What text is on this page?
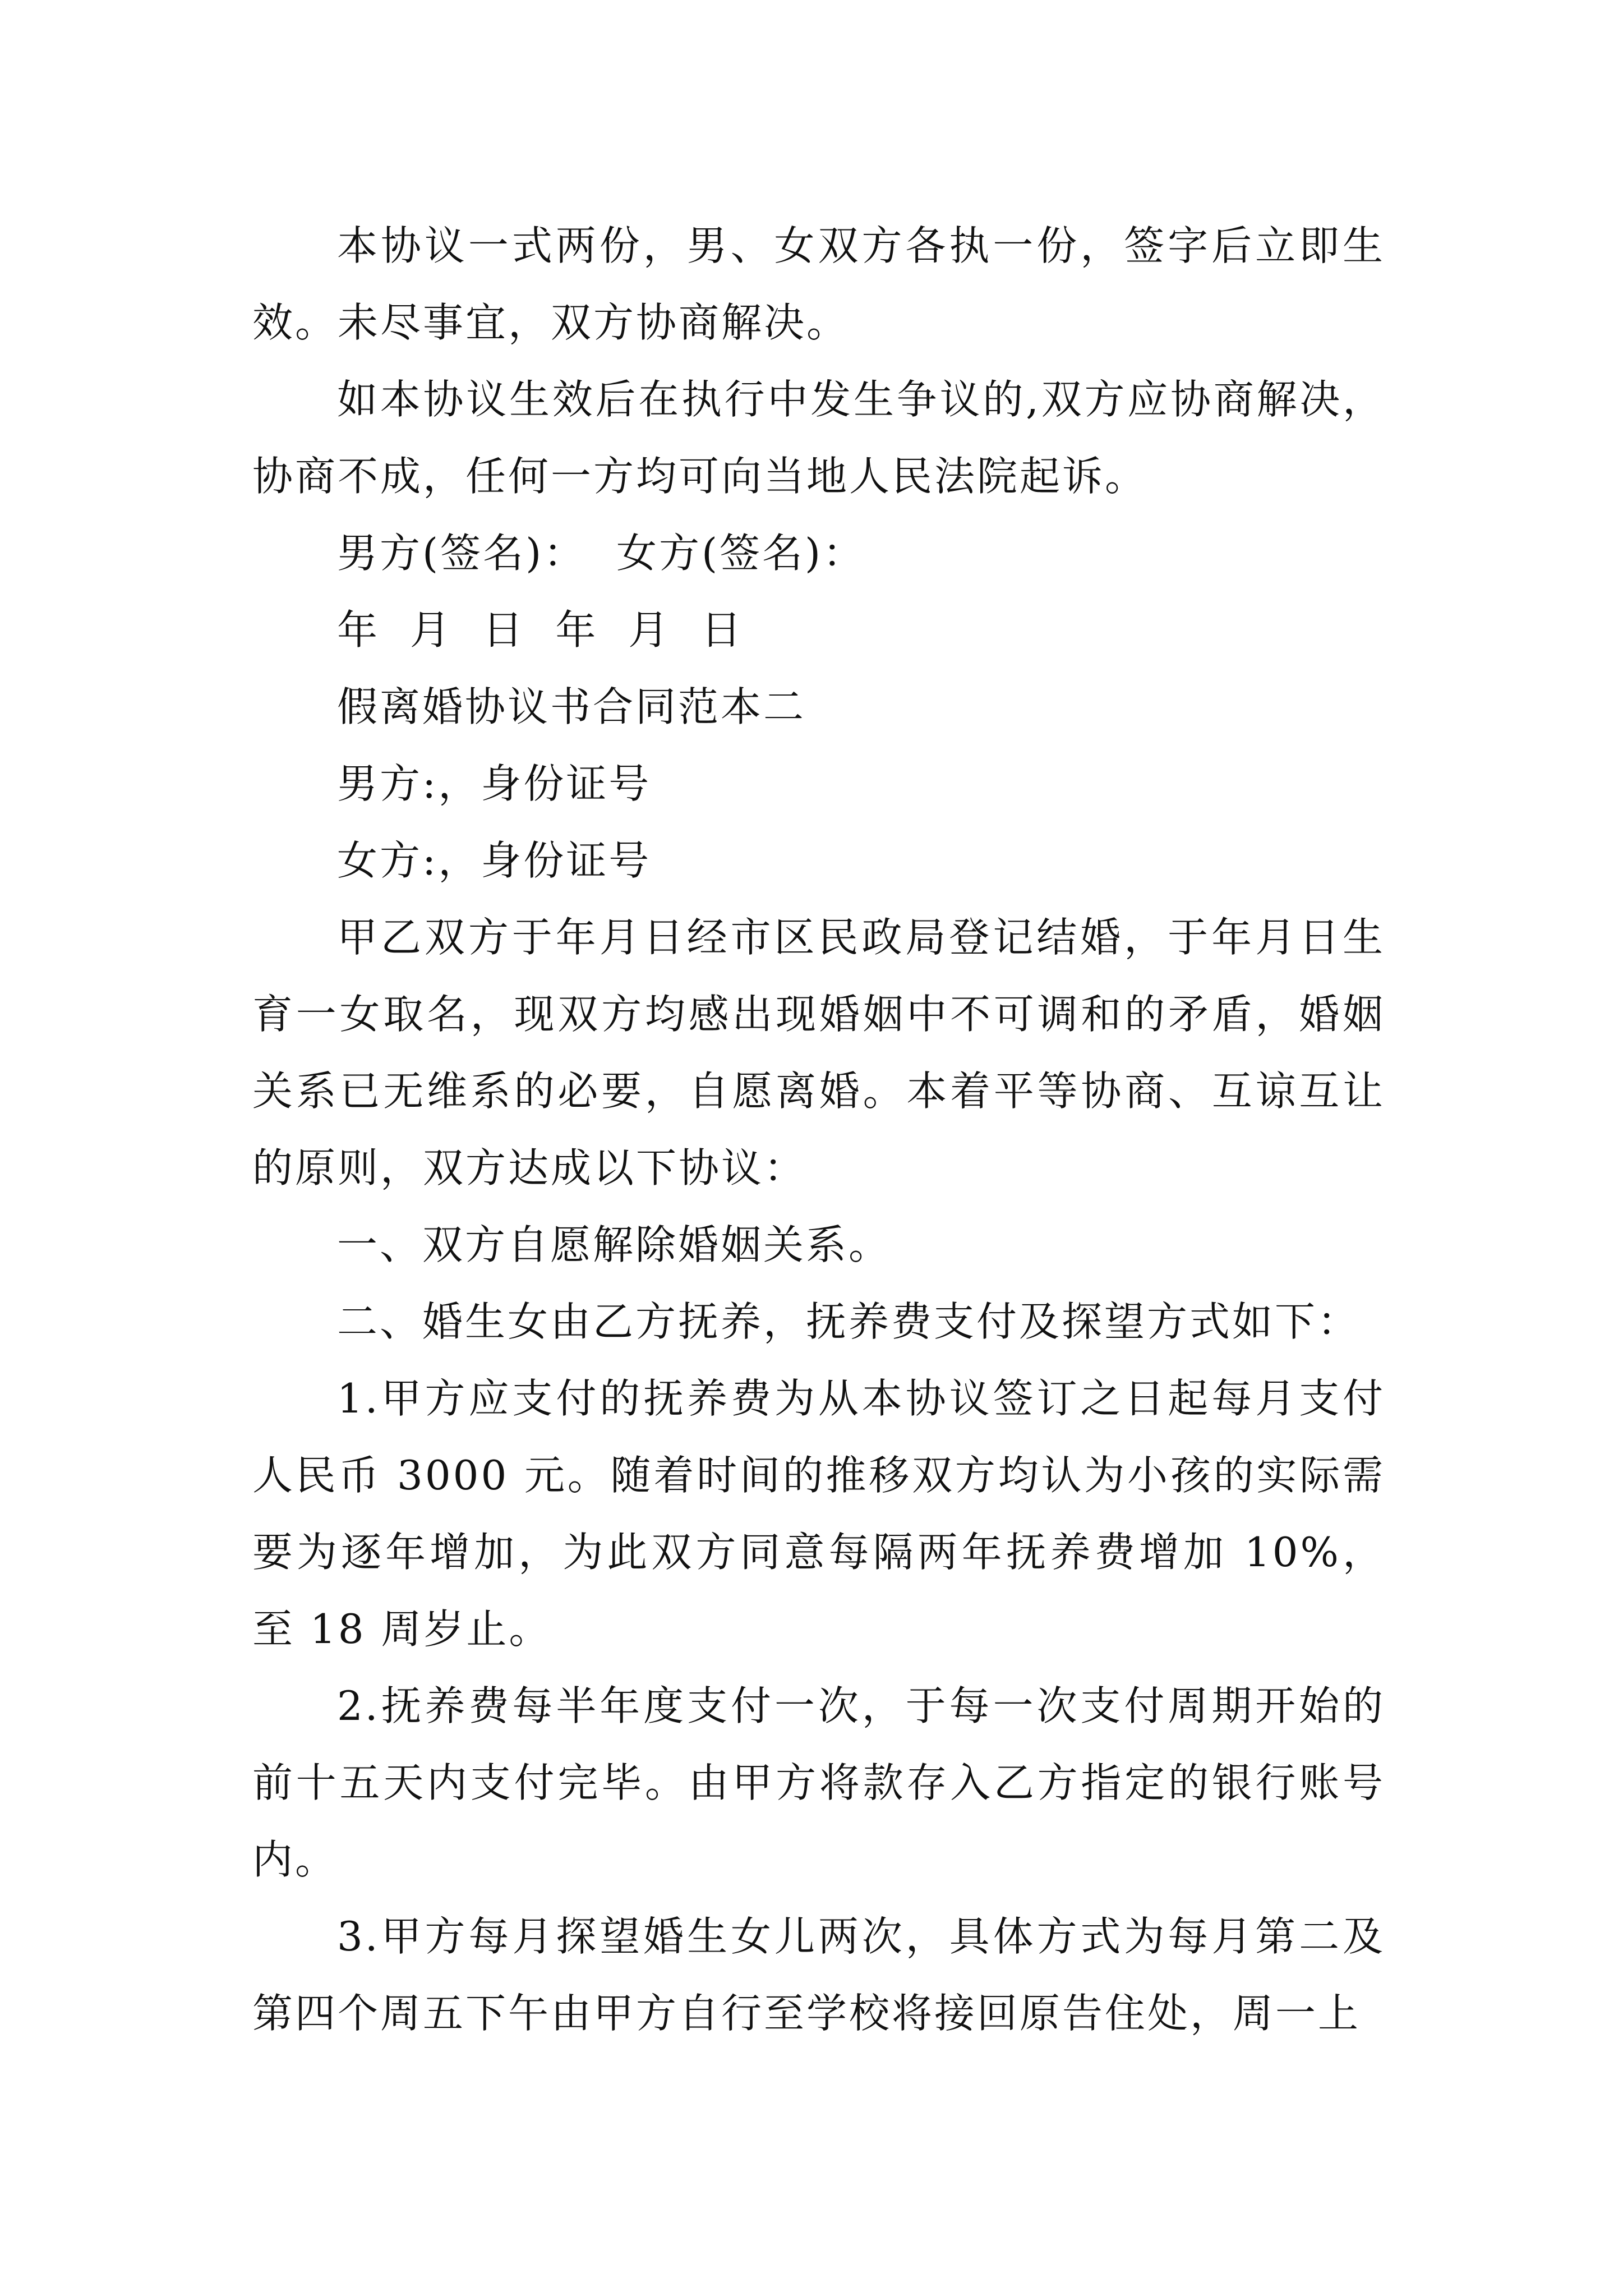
本协议一式两份，男、女双方各执一份，签字后立即生效。未尽事宜，双方协商解决。

如本协议生效后在执行中发生争议的,双方应协商解决，协商不成，任何一方均可向当地人民法院起诉。

男方(签名)：  女方(签名)：

年  月  日  年  月  日

假离婚协议书合同范本二

男方:，身份证号

女方:，身份证号

甲乙双方于年月日经市区民政局登记结婚，于年月日生育一女取名，现双方均感出现婚姻中不可调和的矛盾，婚姻关系已无维系的必要，自愿离婚。本着平等协商、互谅互让的原则，双方达成以下协议：

一、双方自愿解除婚姻关系。

二、婚生女由乙方抚养，抚养费支付及探望方式如下：

1.甲方应支付的抚养费为从本协议签订之日起每月支付人民币 3000 元。随着时间的推移双方均认为小孩的实际需要为逐年增加，为此双方同意每隔两年抚养费增加 10%，至 18 周岁止。

2.抚养费每半年度支付一次，于每一次支付周期开始的前十五天内支付完毕。由甲方将款存入乙方指定的银行账号内。

3.甲方每月探望婚生女儿两次，具体方式为每月第二及第四个周五下午由甲方自行至学校将接回原告住处，周一上
